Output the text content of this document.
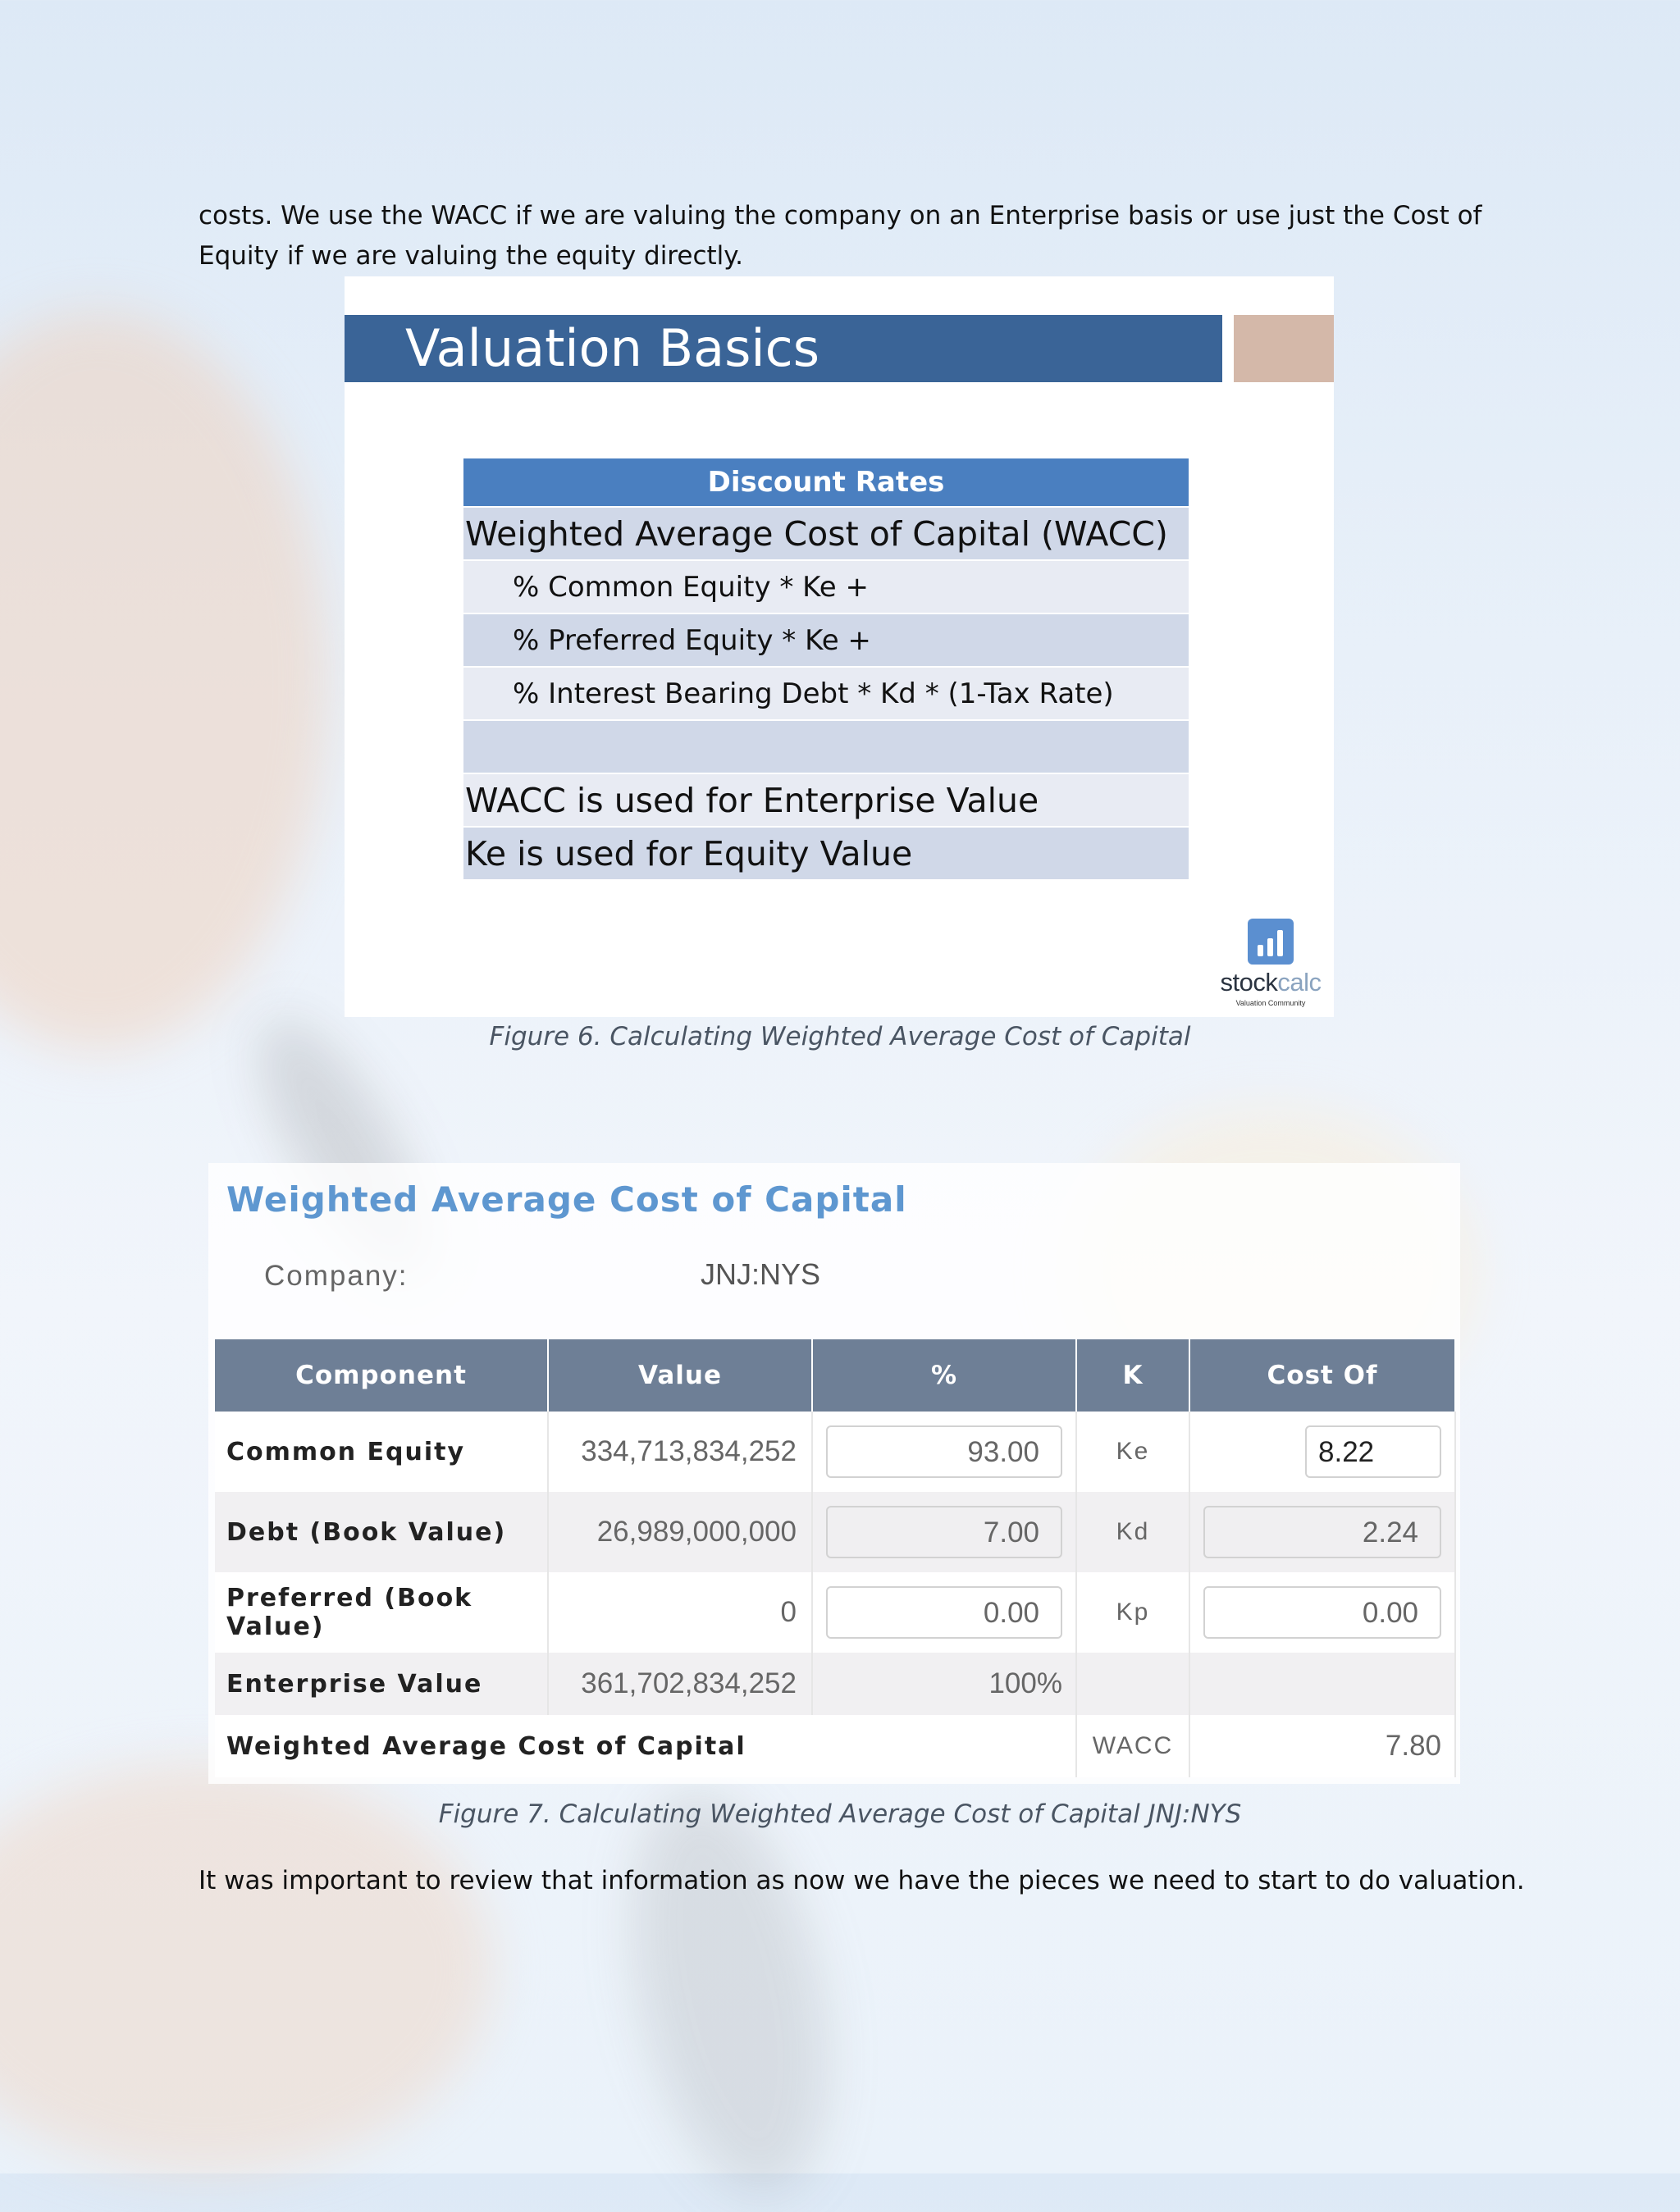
costs. We use the WACC if we are valuing the company on an Enterprise basis or use just the Cost of Equity if we are valuing the equity directly.

Valuation Basics
Discount Rates
Weighted Average Cost of Capital (WACC)
% Common Equity * Ke +
% Preferred Equity * Ke +
% Interest Bearing Debt * Kd * (1-Tax Rate)
WACC is used for Enterprise Value
Ke is used for Equity Value
stockcalc
Valuation Community
Figure 6. Calculating Weighted Average Cost of Capital
Weighted Average Cost of Capital
Company:	JNJ:NYS
Component	Value	%	K	Cost Of
Common Equity	334,713,834,252	93.00	Ke	8.22

Debt (Book Value)	26,989,000,000	7.00	Kd	2.24

Preferred (Book Value)	0	0.00	Kp	0.00

Enterprise Value	361,702,834,252	100%		
Weighted Average Cost of Capital			WACC	7.80
Figure 7. Calculating Weighted Average Cost of Capital JNJ:NYS

It was important to review that information as now we have the pieces we need to start to do valuation.
